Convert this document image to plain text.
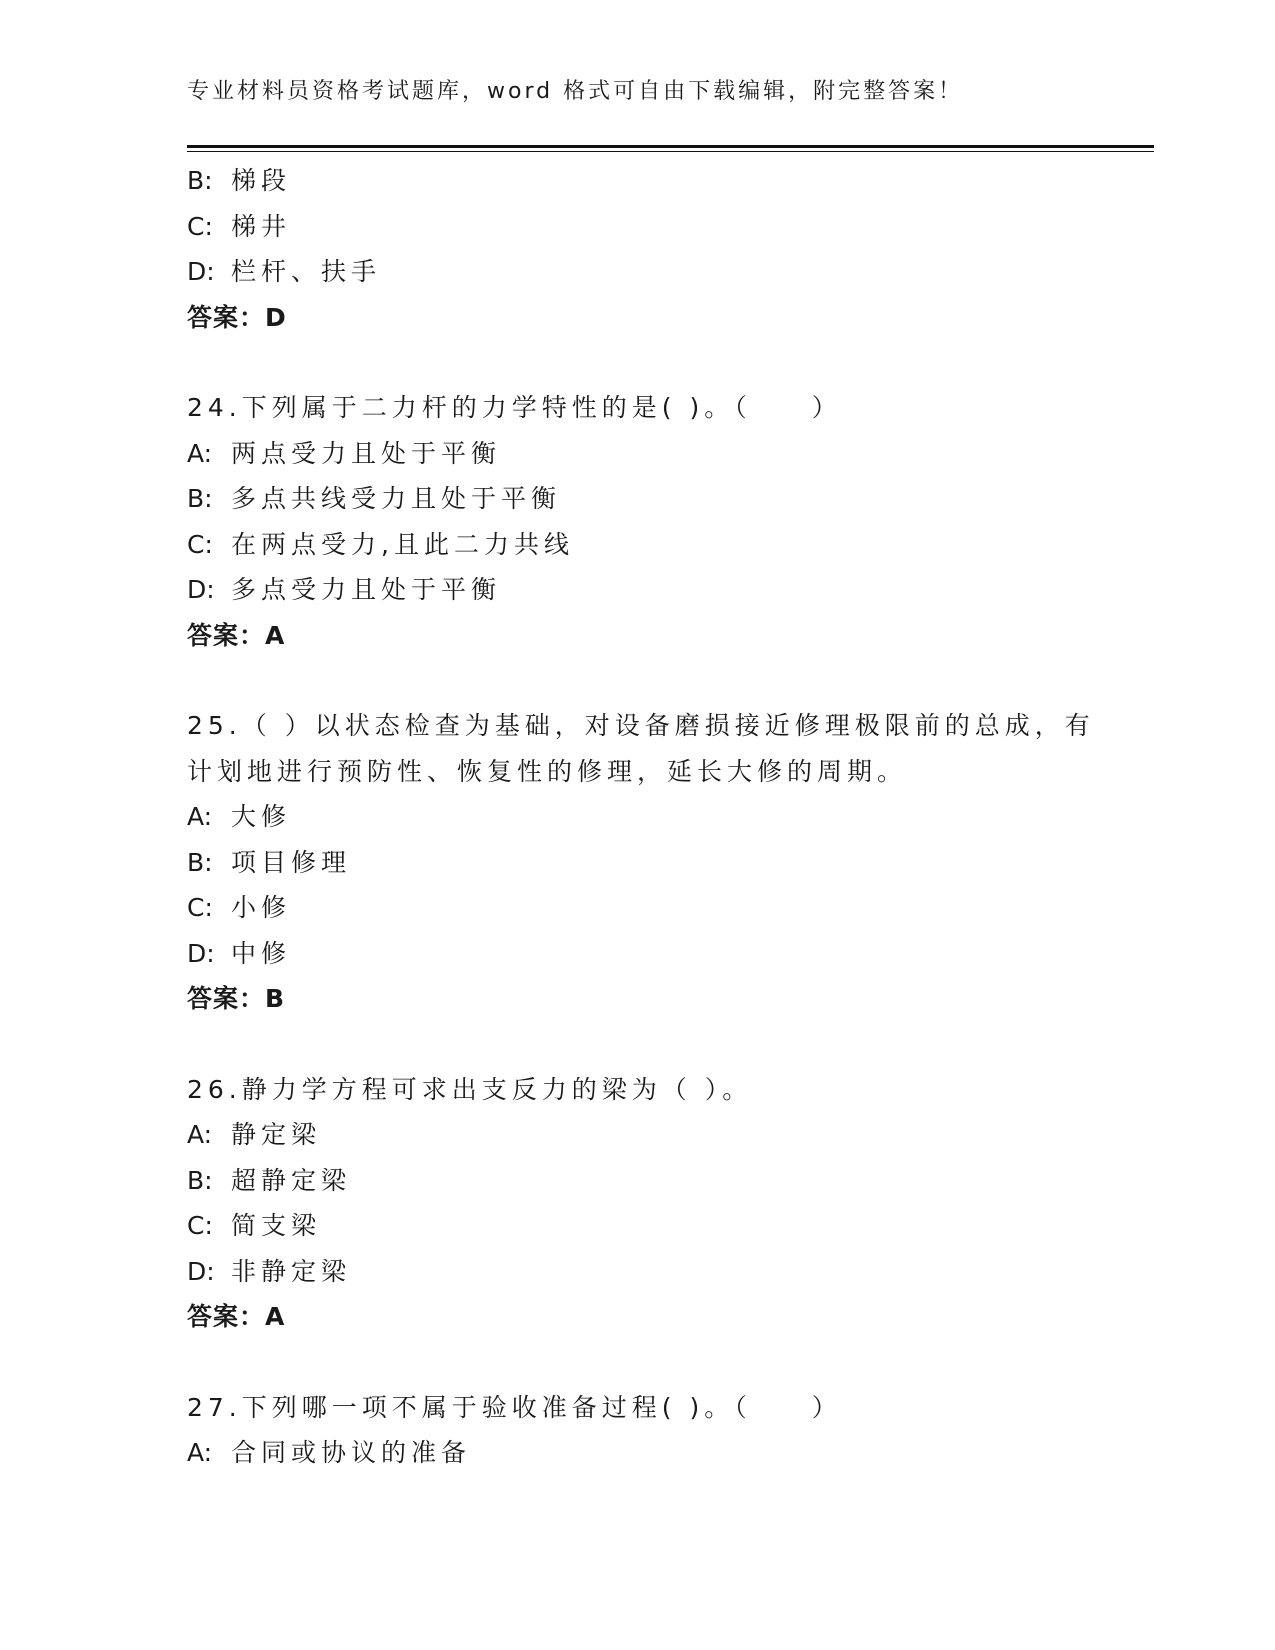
专业材料员资格考试题库，word 格式可自由下载编辑，附完整答案！
B: 梯段
C: 梯井
D: 栏杆、扶手
答案：D
24.下列属于二力杆的力学特性的是( )。（　　）
A: 两点受力且处于平衡
B: 多点共线受力且处于平衡
C: 在两点受力,且此二力共线
D: 多点受力且处于平衡
答案：A
25.（ ）以状态检查为基础，对设备磨损接近修理极限前的总成，有
计划地进行预防性、恢复性的修理，延长大修的周期。
A: 大修
B: 项目修理
C: 小修
D: 中修
答案：B
26.静力学方程可求出支反力的梁为（ ）。
A: 静定梁
B: 超静定梁
C: 简支梁
D: 非静定梁
答案：A
27.下列哪一项不属于验收准备过程( )。（　　）
A: 合同或协议的准备
